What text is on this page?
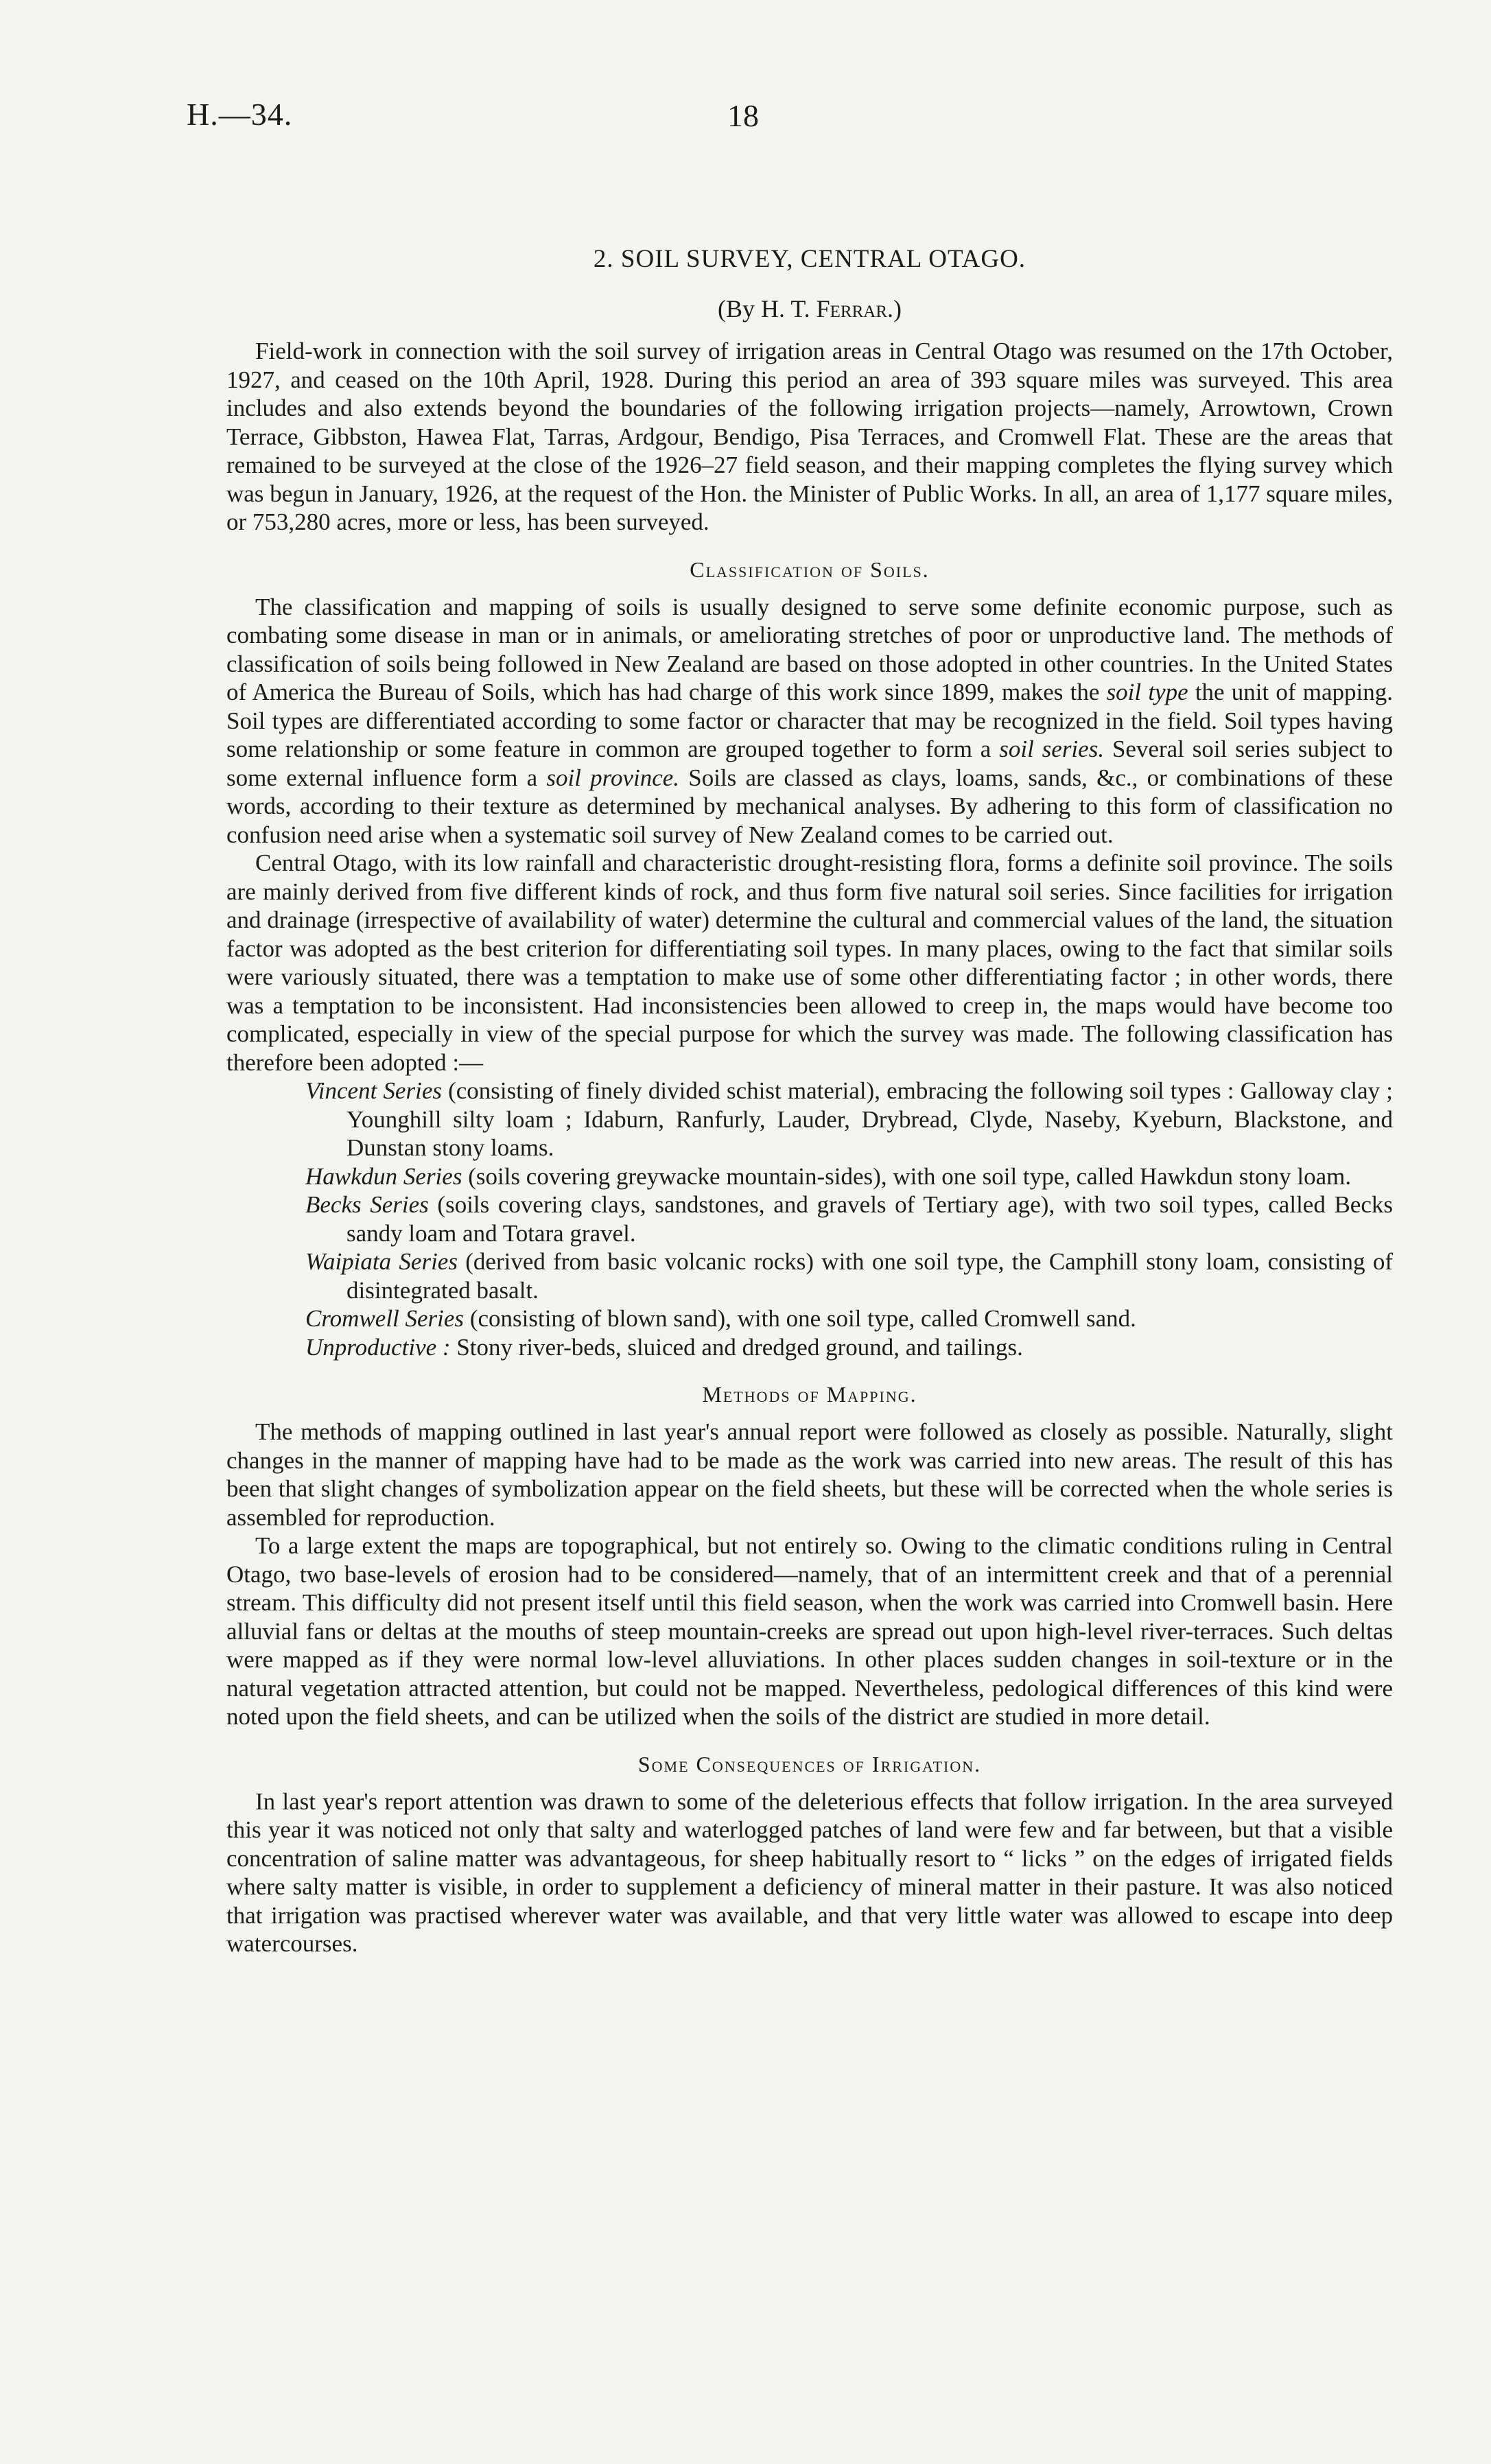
H.—34.	18
2. SOIL SURVEY, CENTRAL OTAGO.
(By H. T. Ferrar.)

Field-work in connection with the soil survey of irrigation areas in Central Otago was resumed on the 17th October, 1927, and ceased on the 10th April, 1928. During this period an area of 393 square miles was surveyed. This area includes and also extends beyond the boundaries of the following irrigation projects—namely, Arrowtown, Crown Terrace, Gibbston, Hawea Flat, Tarras, Ardgour, Bendigo, Pisa Terraces, and Cromwell Flat. These are the areas that remained to be surveyed at the close of the 1926–27 field season, and their mapping completes the flying survey which was begun in January, 1926, at the request of the Hon. the Minister of Public Works. In all, an area of 1,177 square miles, or 753,280 acres, more or less, has been surveyed.

Classification of Soils.

The classification and mapping of soils is usually designed to serve some definite economic purpose, such as combating some disease in man or in animals, or ameliorating stretches of poor or unproductive land. The methods of classification of soils being followed in New Zealand are based on those adopted in other countries. In the United States of America the Bureau of Soils, which has had charge of this work since 1899, makes the soil type the unit of mapping. Soil types are differentiated according to some factor or character that may be recognized in the field. Soil types having some relationship or some feature in common are grouped together to form a soil series. Several soil series subject to some external influence form a soil province. Soils are classed as clays, loams, sands, &c., or combinations of these words, according to their texture as determined by mechanical analyses. By adhering to this form of classification no confusion need arise when a systematic soil survey of New Zealand comes to be carried out.

Central Otago, with its low rainfall and characteristic drought-resisting flora, forms a definite soil province. The soils are mainly derived from five different kinds of rock, and thus form five natural soil series. Since facilities for irrigation and drainage (irrespective of availability of water) determine the cultural and commercial values of the land, the situation factor was adopted as the best criterion for differentiating soil types. In many places, owing to the fact that similar soils were variously situated, there was a temptation to make use of some other differentiating factor ; in other words, there was a temptation to be inconsistent. Had inconsistencies been allowed to creep in, the maps would have become too complicated, especially in view of the special purpose for which the survey was made. The following classification has therefore been adopted :—

Vincent Series (consisting of finely divided schist material), embracing the following soil types : Galloway clay ; Younghill silty loam ; Idaburn, Ranfurly, Lauder, Drybread, Clyde, Naseby, Kyeburn, Blackstone, and Dunstan stony loams.

Hawkdun Series (soils covering greywacke mountain-sides), with one soil type, called Hawkdun stony loam.

Becks Series (soils covering clays, sandstones, and gravels of Tertiary age), with two soil types, called Becks sandy loam and Totara gravel.

Waipiata Series (derived from basic volcanic rocks) with one soil type, the Camphill stony loam, consisting of disintegrated basalt.

Cromwell Series (consisting of blown sand), with one soil type, called Cromwell sand.

Unproductive : Stony river-beds, sluiced and dredged ground, and tailings.

Methods of Mapping.

The methods of mapping outlined in last year's annual report were followed as closely as possible. Naturally, slight changes in the manner of mapping have had to be made as the work was carried into new areas. The result of this has been that slight changes of symbolization appear on the field sheets, but these will be corrected when the whole series is assembled for reproduction.

To a large extent the maps are topographical, but not entirely so. Owing to the climatic conditions ruling in Central Otago, two base-levels of erosion had to be considered—namely, that of an intermittent creek and that of a perennial stream. This difficulty did not present itself until this field season, when the work was carried into Cromwell basin. Here alluvial fans or deltas at the mouths of steep mountain-creeks are spread out upon high-level river-terraces. Such deltas were mapped as if they were normal low-level alluviations. In other places sudden changes in soil-texture or in the natural vegetation attracted attention, but could not be mapped. Nevertheless, pedological differences of this kind were noted upon the field sheets, and can be utilized when the soils of the district are studied in more detail.

Some Consequences of Irrigation.

In last year's report attention was drawn to some of the deleterious effects that follow irrigation. In the area surveyed this year it was noticed not only that salty and waterlogged patches of land were few and far between, but that a visible concentration of saline matter was advantageous, for sheep habitually resort to “ licks ” on the edges of irrigated fields where salty matter is visible, in order to supplement a deficiency of mineral matter in their pasture. It was also noticed that irrigation was practised wherever water was available, and that very little water was allowed to escape into deep watercourses.
